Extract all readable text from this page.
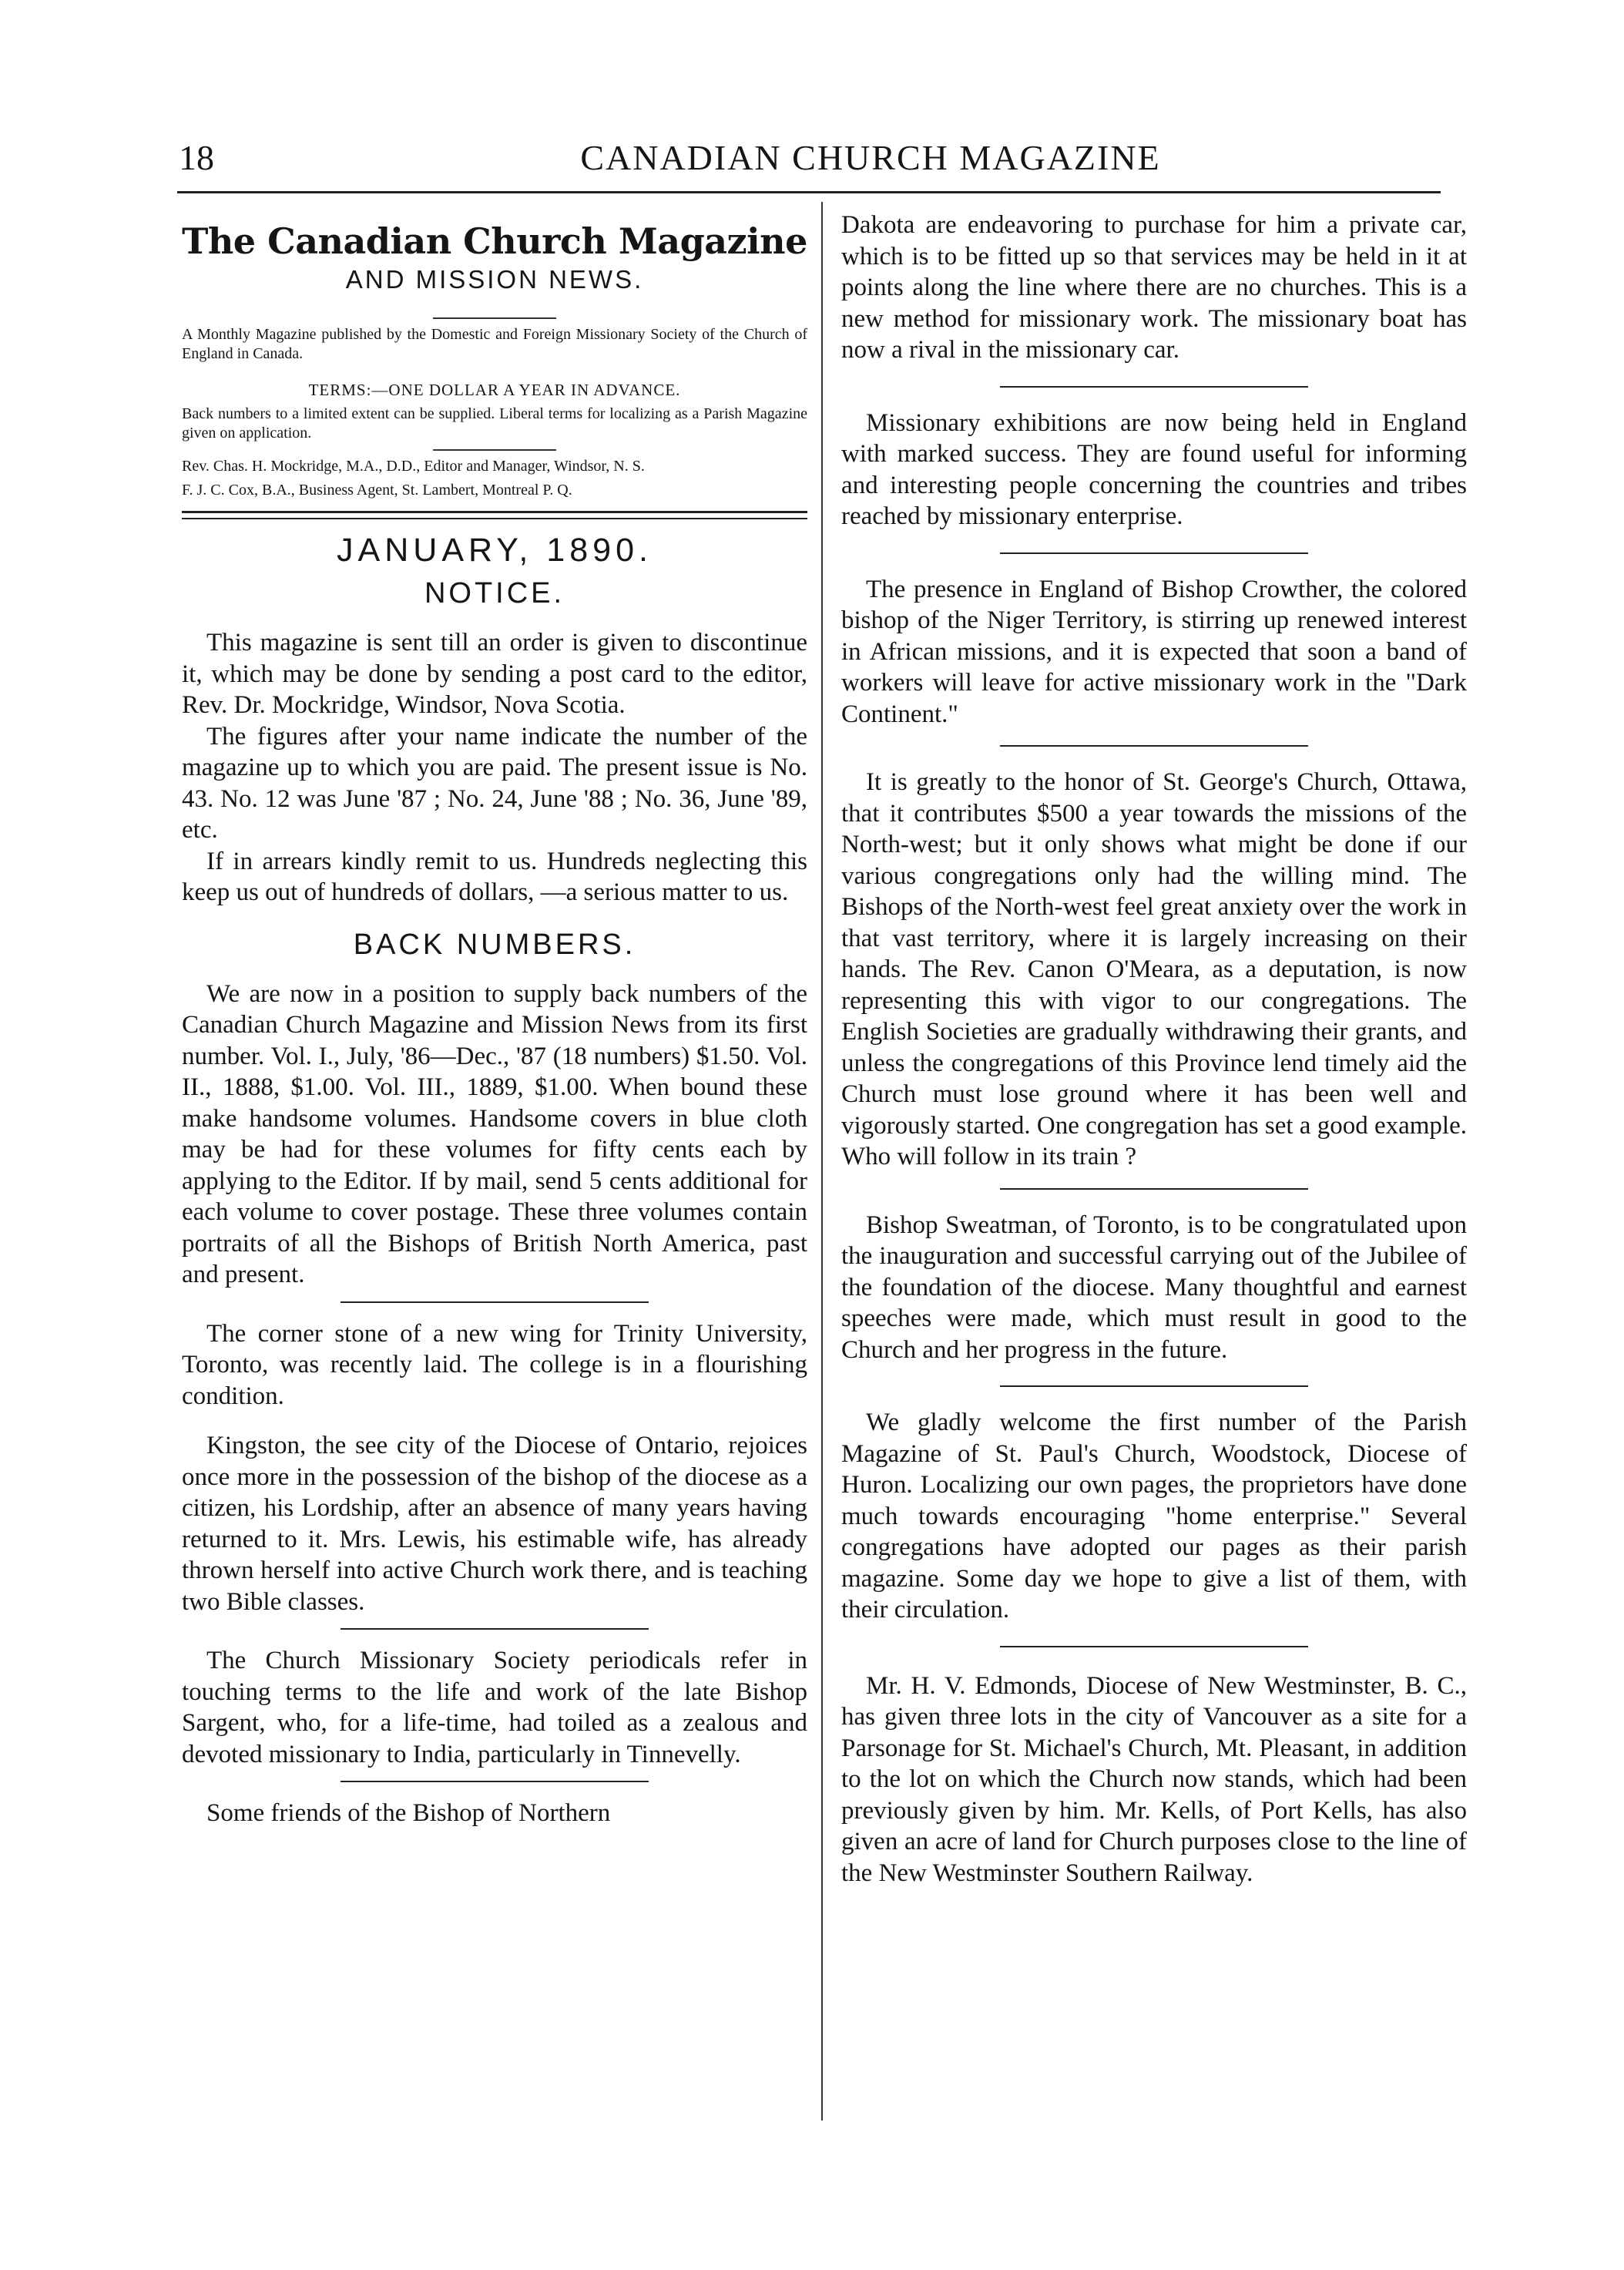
18	CANADIAN CHURCH MAGAZINE
The Canadian Church Magazine
AND MISSION NEWS.
A Monthly Magazine published by the Domestic and Foreign Missionary Society of the Church of England in Canada.
TERMS:—ONE DOLLAR A YEAR IN ADVANCE.
Back numbers to a limited extent can be supplied. Liberal terms for localizing as a Parish Magazine given on application.
Rev. Chas. H. Mockridge, M.A., D.D., Editor and Manager, Windsor, N. S.
F. J. C. Cox, B.A., Business Agent, St. Lambert, Montreal P. Q.
JANUARY, 1890.
NOTICE.

This magazine is sent till an order is given to discontinue it, which may be done by sending a post card to the editor, Rev. Dr. Mockridge, Windsor, Nova Scotia.

The figures after your name indicate the number of the magazine up to which you are paid. The present issue is No. 43. No. 12 was June '87 ; No. 24, June '88 ; No. 36, June '89, etc.

If in arrears kindly remit to us. Hundreds neglecting this keep us out of hundreds of dollars, —a serious matter to us.

BACK NUMBERS.

We are now in a position to supply back numbers of the Canadian Church Magazine and Mission News from its first number. Vol. I., July, '86—Dec., '87 (18 numbers) $1.50. Vol. II., 1888, $1.00. Vol. III., 1889, $1.00. When bound these make handsome volumes. Handsome covers in blue cloth may be had for these volumes for fifty cents each by applying to the Editor. If by mail, send 5 cents additional for each volume to cover postage. These three volumes contain portraits of all the Bishops of British North America, past and present.

The corner stone of a new wing for Trinity University, Toronto, was recently laid. The college is in a flourishing condition.

Kingston, the see city of the Diocese of Ontario, rejoices once more in the possession of the bishop of the diocese as a citizen, his Lordship, after an absence of many years having returned to it. Mrs. Lewis, his estimable wife, has already thrown herself into active Church work there, and is teaching two Bible classes.

The Church Missionary Society periodicals refer in touching terms to the life and work of the late Bishop Sargent, who, for a life-time, had toiled as a zealous and devoted missionary to India, particularly in Tinnevelly.

Some friends of the Bishop of Northern

Dakota are endeavoring to purchase for him a private car, which is to be fitted up so that services may be held in it at points along the line where there are no churches. This is a new method for missionary work. The missionary boat has now a rival in the missionary car.

Missionary exhibitions are now being held in England with marked success. They are found useful for informing and interesting people concerning the countries and tribes reached by missionary enterprise.

The presence in England of Bishop Crowther, the colored bishop of the Niger Territory, is stirring up renewed interest in African missions, and it is expected that soon a band of workers will leave for active missionary work in the "Dark Continent."

It is greatly to the honor of St. George's Church, Ottawa, that it contributes $500 a year towards the missions of the North-west; but it only shows what might be done if our various congregations only had the willing mind. The Bishops of the North-west feel great anxiety over the work in that vast territory, where it is largely increasing on their hands. The Rev. Canon O'Meara, as a deputation, is now representing this with vigor to our congregations. The English Societies are gradually withdrawing their grants, and unless the congregations of this Province lend timely aid the Church must lose ground where it has been well and vigorously started. One congregation has set a good example. Who will follow in its train ?

Bishop Sweatman, of Toronto, is to be congratulated upon the inauguration and successful carrying out of the Jubilee of the foundation of the diocese. Many thoughtful and earnest speeches were made, which must result in good to the Church and her progress in the future.

We gladly welcome the first number of the Parish Magazine of St. Paul's Church, Woodstock, Diocese of Huron. Localizing our own pages, the proprietors have done much towards encouraging "home enterprise." Several congregations have adopted our pages as their parish magazine. Some day we hope to give a list of them, with their circulation.

Mr. H. V. Edmonds, Diocese of New Westminster, B. C., has given three lots in the city of Vancouver as a site for a Parsonage for St. Michael's Church, Mt. Pleasant, in addition to the lot on which the Church now stands, which had been previously given by him. Mr. Kells, of Port Kells, has also given an acre of land for Church purposes close to the line of the New Westminster Southern Railway.
